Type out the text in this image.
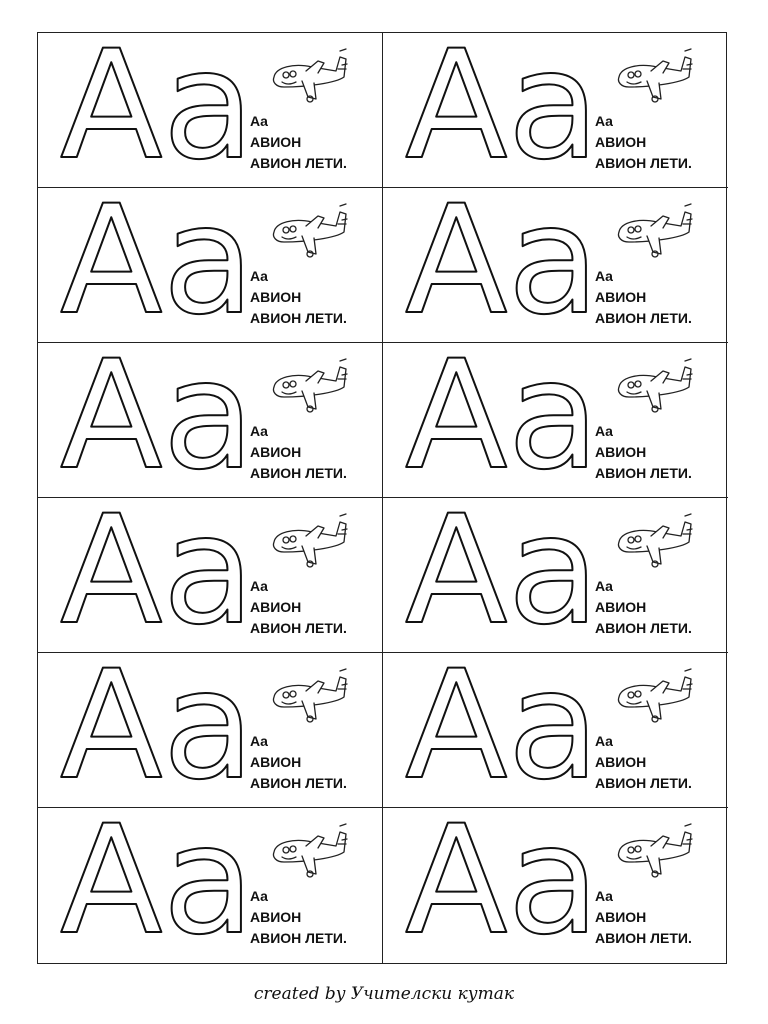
Aa
Aa
АВИОН
АВИОН ЛЕТИ. Aa
Aa
АВИОН
АВИОН ЛЕТИ.
Aa
Aa
АВИОН
АВИОН ЛЕТИ. Aa
Aa
АВИОН
АВИОН ЛЕТИ.
Aa
Aa
АВИОН
АВИОН ЛЕТИ. Aa
Aa
АВИОН
АВИОН ЛЕТИ.
Aa
Aa
АВИОН
АВИОН ЛЕТИ. Aa
Aa
АВИОН
АВИОН ЛЕТИ.
Aa
Aa
АВИОН
АВИОН ЛЕТИ. Aa
Aa
АВИОН
АВИОН ЛЕТИ.
Aa
Aa
АВИОН
АВИОН ЛЕТИ. Aa
Aa
АВИОН
АВИОН ЛЕТИ.
created by Учителски кутак
